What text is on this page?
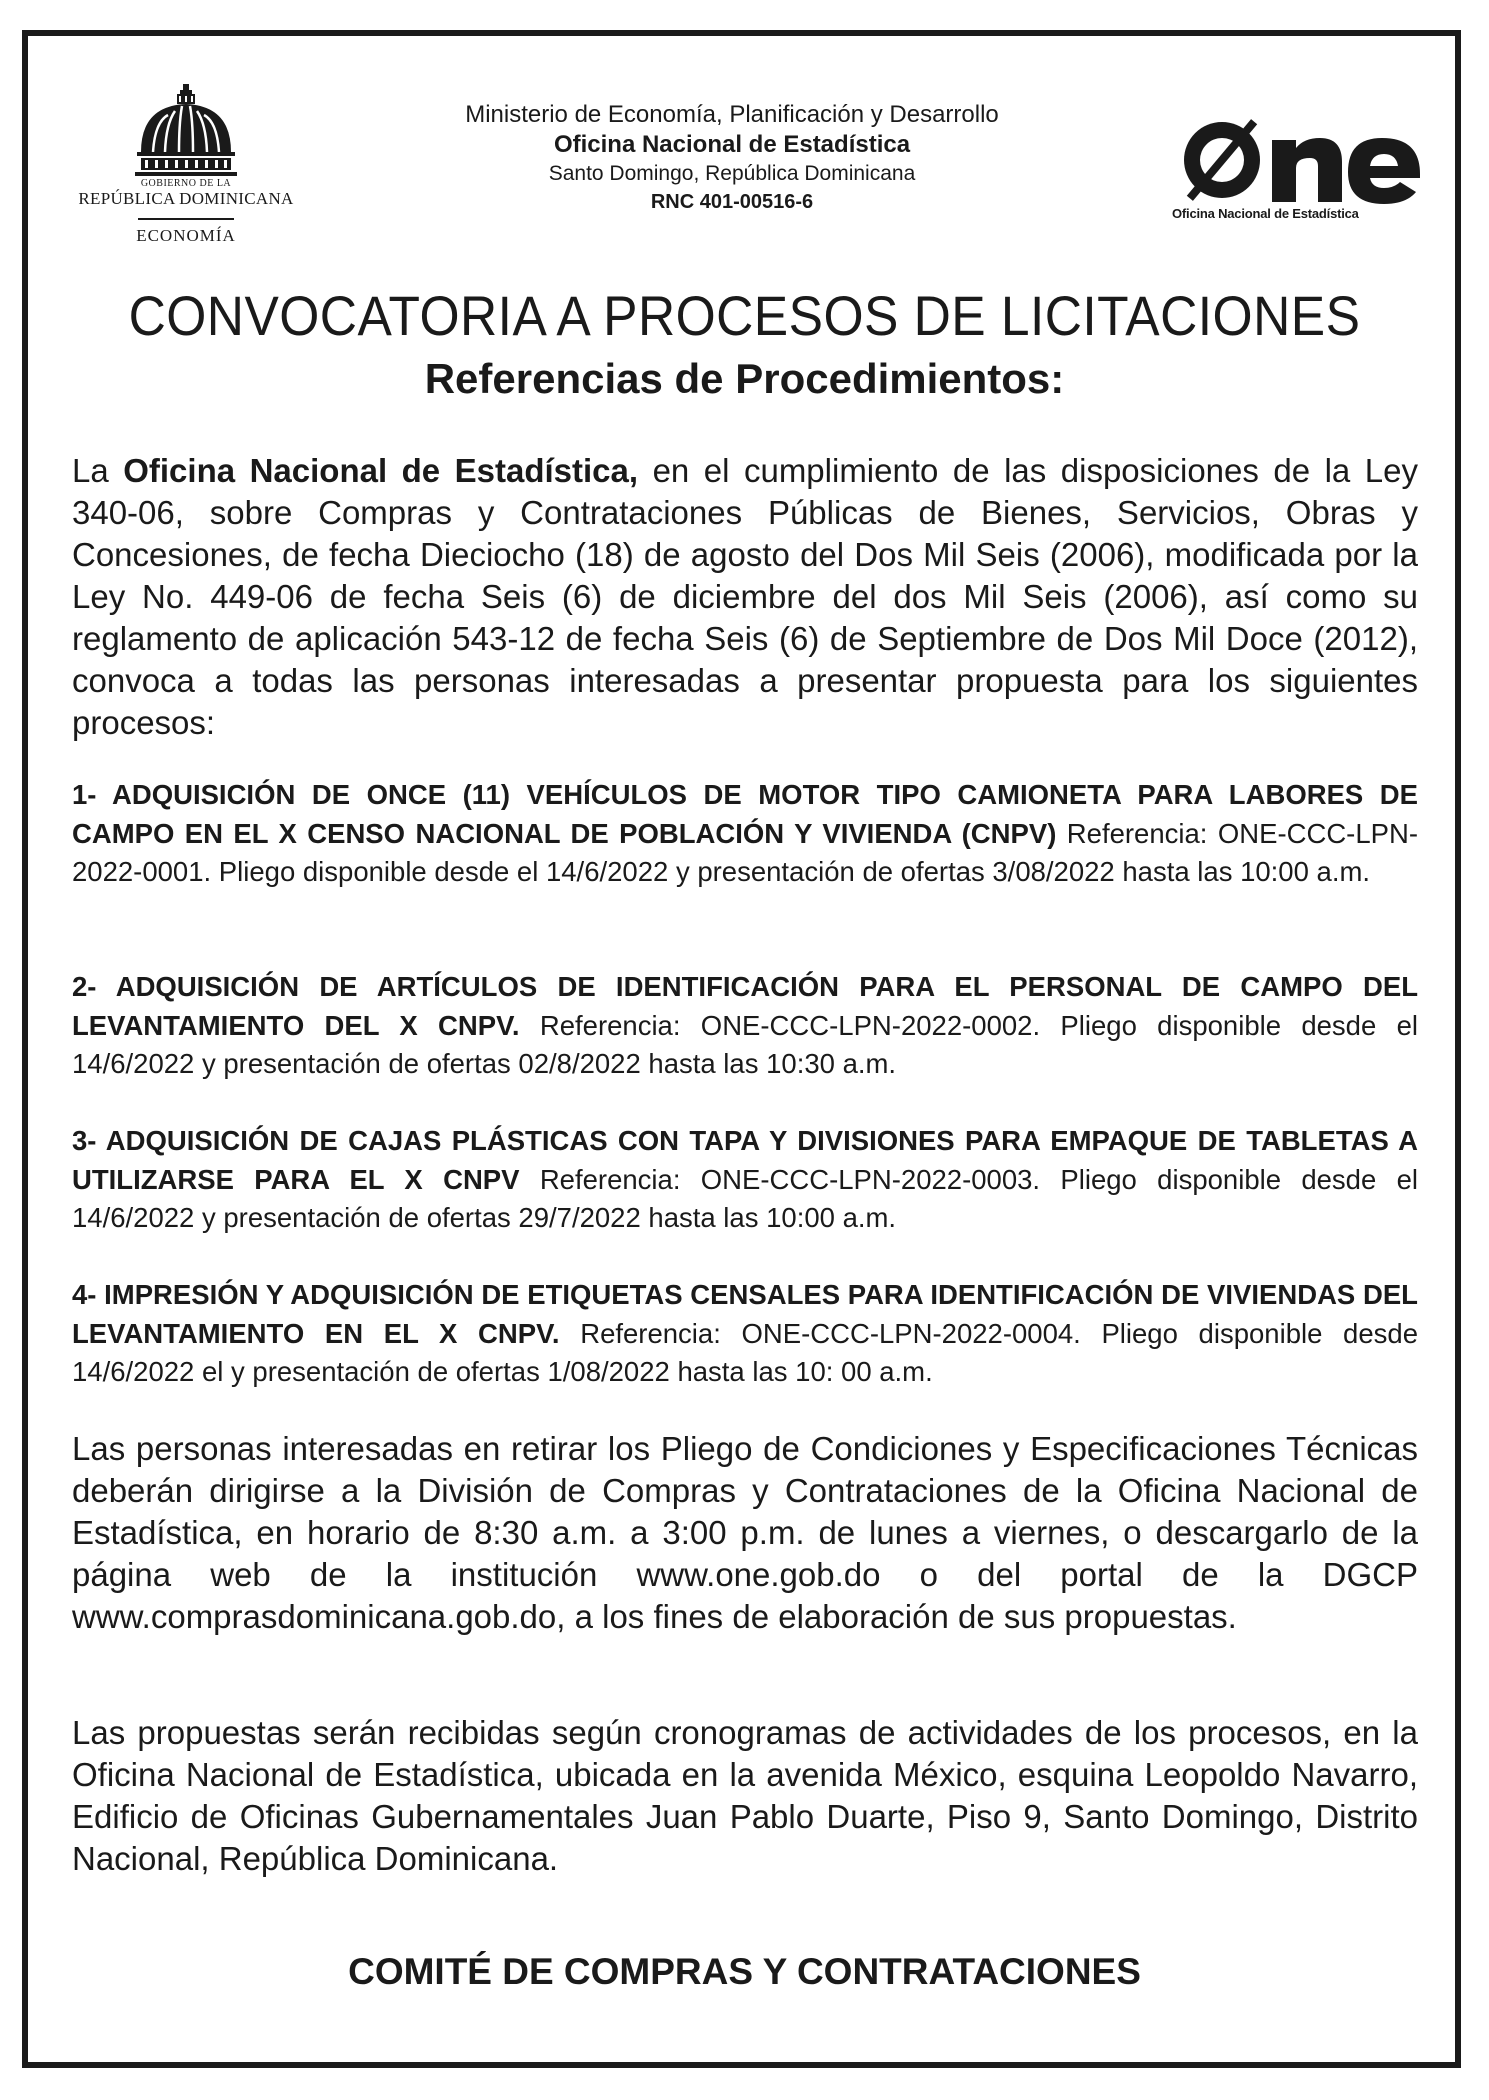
GOBIERNO DE LA
REPÚBLICA DOMINICANA
ECONOMÍA
Ministerio de Economía, Planificación y Desarrollo
Oficina Nacional de Estadística
Santo Domingo, República Dominicana
RNC 401-00516-6
Oficina Nacional de Estadística
CONVOCATORIA A PROCESOS DE LICITACIONES
Referencias de Procedimientos:
La Oficina Nacional de Estadística, en el cumplimiento de las disposiciones de la Ley 340-06, sobre Compras y Contrataciones Públicas de Bienes, Servicios, Obras y Concesiones, de fecha Dieciocho (18) de agosto del Dos Mil Seis (2006), modificada por la Ley No. 449-06 de fecha Seis (6) de diciembre del dos Mil Seis (2006), así como su reglamento de aplicación 543-12 de fecha Seis (6) de Septiembre de Dos Mil Doce (2012), convoca a todas las personas interesadas a presentar propuesta para los siguientes procesos:
1- ADQUISICIÓN DE ONCE (11) VEHÍCULOS DE MOTOR TIPO CAMIONETA PARA LABORES DE CAMPO EN EL X CENSO NACIONAL DE POBLACIÓN Y VIVIENDA (CNPV) Referencia: ONE-CCC-LPN-2022-0001. Pliego disponible desde el 14/6/2022 y presentación de ofertas 3/08/2022 hasta las 10:00 a.m.
2- ADQUISICIÓN DE ARTÍCULOS DE IDENTIFICACIÓN PARA EL PERSONAL DE CAMPO DEL LEVANTAMIENTO DEL X CNPV. Referencia: ONE-CCC-LPN-2022-0002. Pliego disponible desde el 14/6/2022 y presentación de ofertas 02/8/2022 hasta las 10:30 a.m.
3- ADQUISICIÓN DE CAJAS PLÁSTICAS CON TAPA Y DIVISIONES PARA EMPAQUE DE TABLETAS A UTILIZARSE PARA EL X CNPV Referencia: ONE-CCC-LPN-2022-0003. Pliego disponible desde el 14/6/2022 y presentación de ofertas 29/7/2022 hasta las 10:00 a.m.
4- IMPRESIÓN Y ADQUISICIÓN DE ETIQUETAS CENSALES PARA IDENTIFICACIÓN DE VIVIENDAS DEL LEVANTAMIENTO EN EL X CNPV. Referencia: ONE-CCC-LPN-2022-0004. Pliego disponible desde 14/6/2022 el y presentación de ofertas 1/08/2022 hasta las 10: 00 a.m.
Las personas interesadas en retirar los Pliego de Condiciones y Especificaciones Técnicas deberán dirigirse a la División de Compras y Contrataciones de la Oficina Nacional de Estadística, en horario de 8:30 a.m. a 3:00 p.m. de lunes a viernes, o descargarlo de la página web de la institución www.one.gob.do o del portal de la DGCP www.comprasdominicana.gob.do, a los fines de elaboración de sus propuestas.
Las propuestas serán recibidas según cronogramas de actividades de los procesos, en la Oficina Nacional de Estadística, ubicada en la avenida México, esquina Leopoldo Navarro, Edificio de Oficinas Gubernamentales Juan Pablo Duarte, Piso 9, Santo Domingo, Distrito Nacional, República Dominicana.
COMITÉ DE COMPRAS Y CONTRATACIONES
